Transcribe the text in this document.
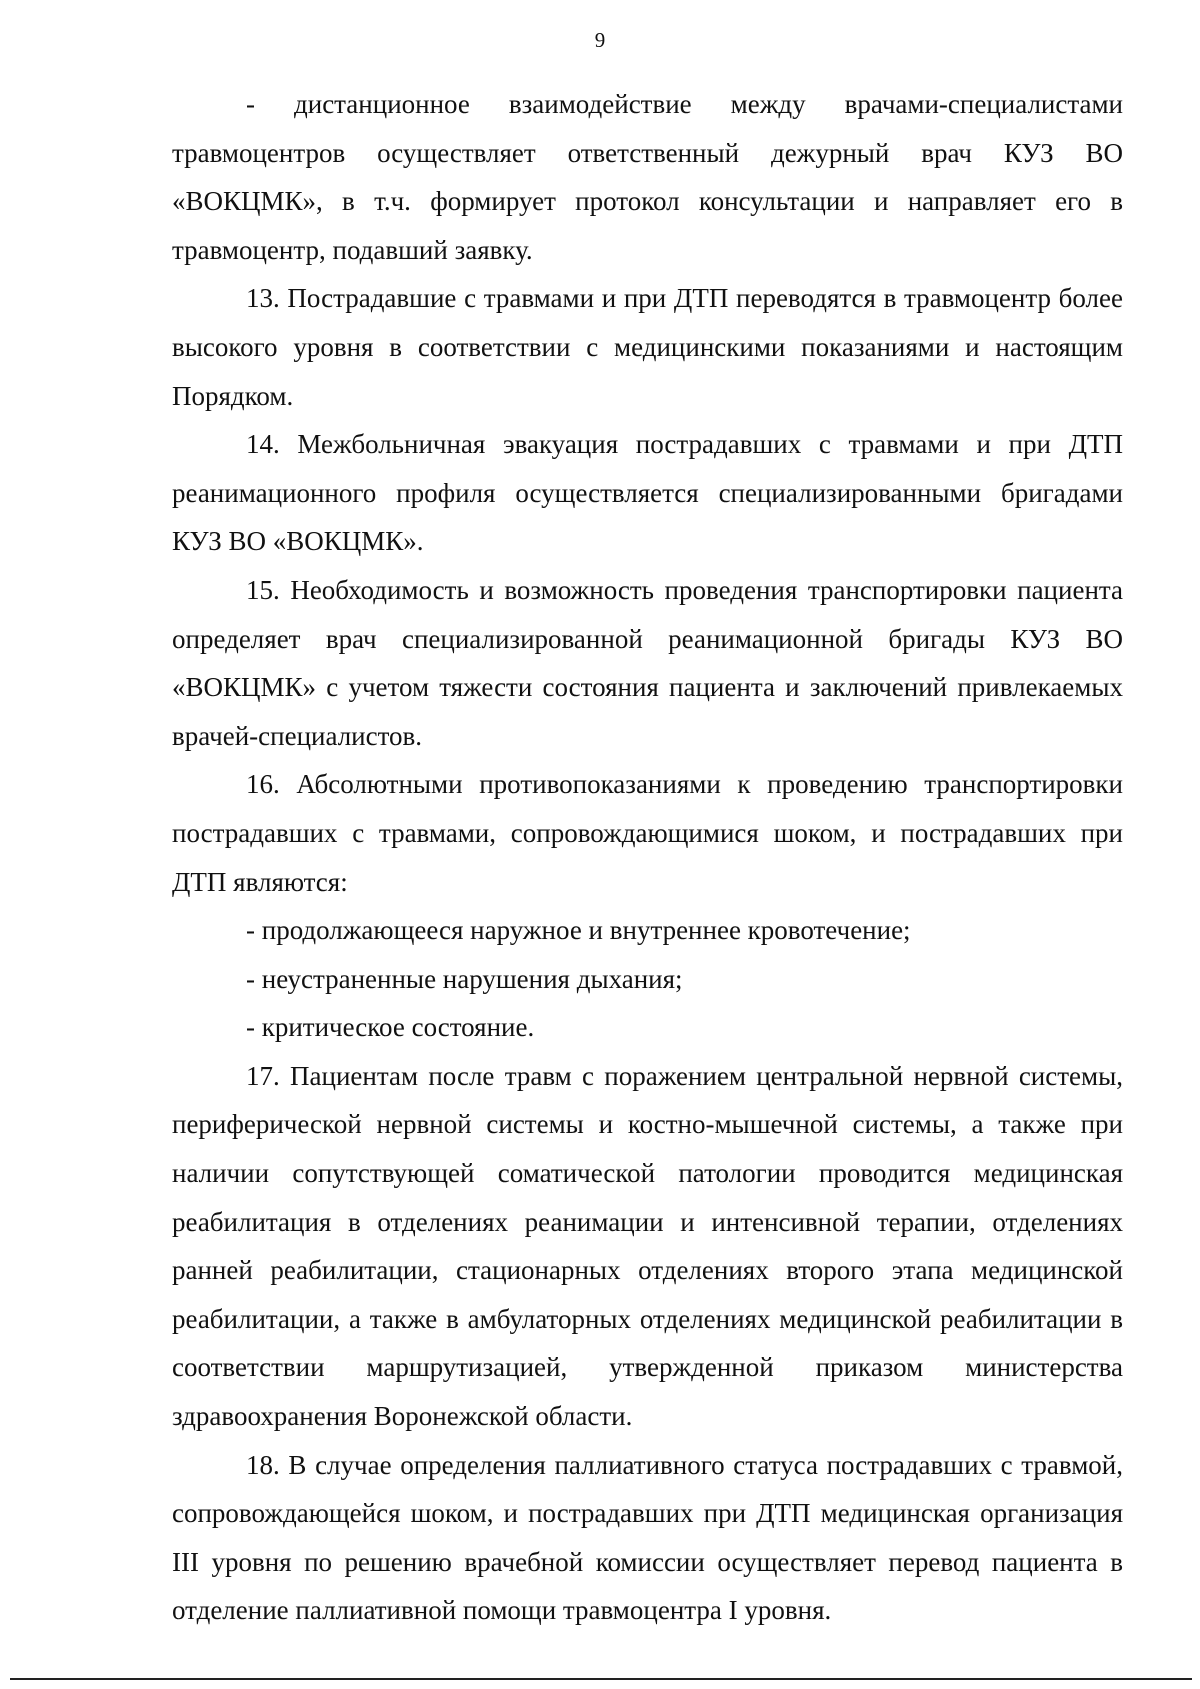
9

- дистанционное взаимодействие между врачами-специалистами травмоцентров осуществляет ответственный дежурный врач КУЗ ВО «ВОКЦМК», в т.ч. формирует протокол консультации и направляет его в травмоцентр, подавший заявку.

13. Пострадавшие с травмами и при ДТП переводятся в травмоцентр более высокого уровня в соответствии с медицинскими показаниями и настоящим Порядком.

14. Межбольничная эвакуация пострадавших с травмами и при ДТП реанимационного профиля осуществляется специализированными бригадами КУЗ ВО «ВОКЦМК».

15. Необходимость и возможность проведения транспортировки пациента определяет врач специализированной реанимационной бригады КУЗ ВО «ВОКЦМК» с учетом тяжести состояния пациента и заключений привлекаемых врачей-специалистов.

16. Абсолютными противопоказаниями к проведению транспортировки пострадавших с травмами, сопровождающимися шоком, и пострадавших при ДТП являются:

- продолжающееся наружное и внутреннее кровотечение;

- неустраненные нарушения дыхания;

- критическое состояние.

17. Пациентам после травм с поражением центральной нервной системы, периферической нервной системы и костно-мышечной системы, а также при наличии сопутствующей соматической патологии проводится медицинская реабилитация в отделениях реанимации и интенсивной терапии, отделениях ранней реабилитации, стационарных отделениях второго этапа медицинской реабилитации, а также в амбулаторных отделениях медицинской реабилитации в соответствии маршрутизацией, утвержденной приказом министерства здравоохранения Воронежской области.

18. В случае определения паллиативного статуса пострадавших с травмой, сопровождающейся шоком, и пострадавших при ДТП медицинская организация III уровня по решению врачебной комиссии осуществляет перевод пациента в отделение паллиативной помощи травмоцентра I уровня.
